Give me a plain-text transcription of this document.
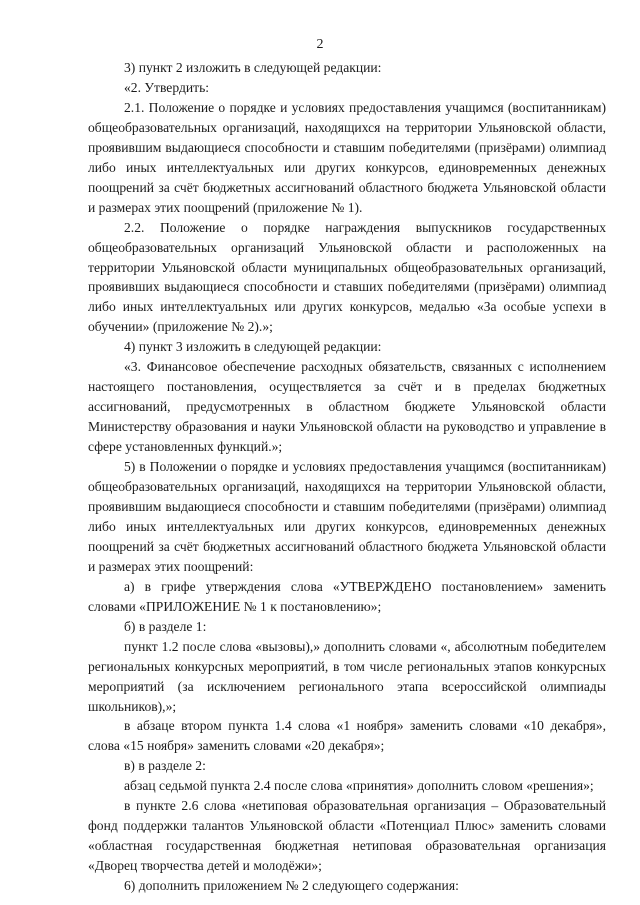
2

3) пункт 2 изложить в следующей редакции:

«2. Утвердить:

2.1. Положение о порядке и условиях предоставления учащимся (воспитанникам) общеобразовательных организаций, находящихся на территории Ульяновской области, проявившим выдающиеся способности и ставшим победителями (призёрами) олимпиад либо иных интеллектуальных или других конкурсов, единовременных денежных поощрений за счёт бюджетных ассигнований областного бюджета Ульяновской области и размерах этих поощрений (приложение № 1).

2.2. Положение о порядке награждения выпускников государственных общеобразовательных организаций Ульяновской области и расположенных на территории Ульяновской области муниципальных общеобразовательных организаций, проявивших выдающиеся способности и ставших победителями (призёрами) олимпиад либо иных интеллектуальных или других конкурсов, медалью «За особые успехи в обучении» (приложение № 2).»;

4) пункт 3 изложить в следующей редакции:

«3. Финансовое обеспечение расходных обязательств, связанных с исполнением настоящего постановления, осуществляется за счёт и в пределах бюджетных ассигнований, предусмотренных в областном бюджете Ульяновской области Министерству образования и науки Ульяновской области на руководство и управление в сфере установленных функций.»;

5) в Положении о порядке и условиях предоставления учащимся (воспитанникам) общеобразовательных организаций, находящихся на территории Ульяновской области, проявившим выдающиеся способности и ставшим победителями (призёрами) олимпиад либо иных интеллектуальных или других конкурсов, единовременных денежных поощрений за счёт бюджетных ассигнований областного бюджета Ульяновской области и размерах этих поощрений:

а) в грифе утверждения слова «УТВЕРЖДЕНО постановлением» заменить словами «ПРИЛОЖЕНИЕ № 1 к постановлению»;

б) в разделе 1:

пункт 1.2 после слова «вызовы),» дополнить словами «, абсолютным победителем региональных конкурсных мероприятий, в том числе региональных этапов конкурсных мероприятий (за исключением регионального этапа всероссийской олимпиады школьников),»;

в абзаце втором пункта 1.4 слова «1 ноября» заменить словами «10 декабря», слова «15 ноября» заменить словами «20 декабря»;

в) в разделе 2:

абзац седьмой пункта 2.4 после слова «принятия» дополнить словом «решения»;

в пункте 2.6 слова «нетиповая образовательная организация – Образовательный фонд поддержки талантов Ульяновской области «Потенциал Плюс» заменить словами «областная государственная бюджетная нетиповая образовательная организация «Дворец творчества детей и молодёжи»;

6) дополнить приложением № 2 следующего содержания:
